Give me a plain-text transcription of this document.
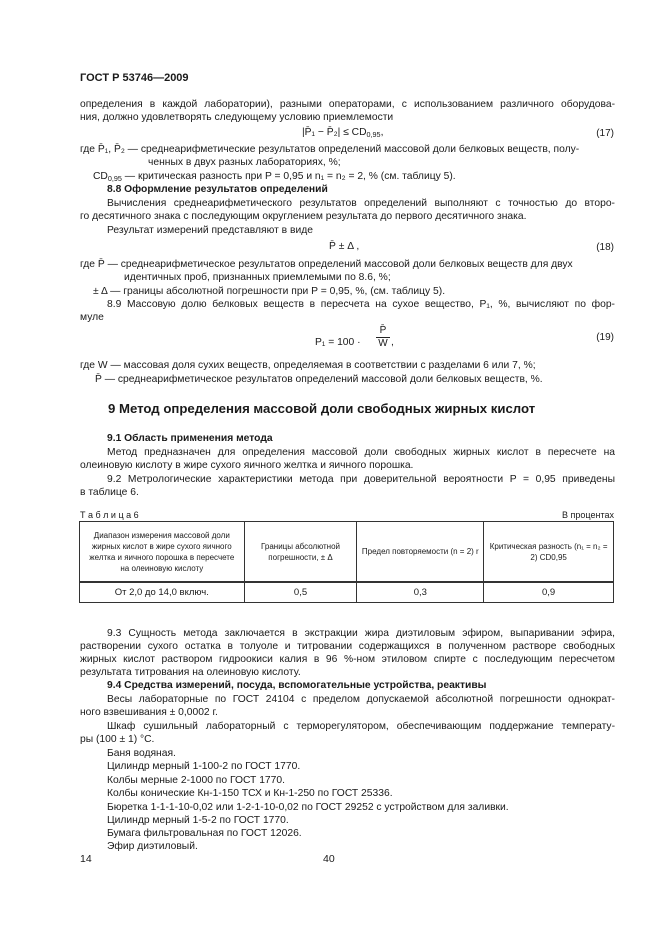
ГОСТ Р 53746—2009
определения в каждой лаборатории), разными операторами, с использованием различного оборудова-
ния, должно удовлетворять следующему условию приемлемости
|P̄₁ − P̄₂| ≤ $CD_{0,95}$,	(17)
где P̄₁, P̄₂ — среднеарифметические результатов определений массовой доли белковых веществ, полу-
ченных в двух разных лабораториях, %;
$CD_{0,95}$ — критическая разность при P = 0,95 и n₁ = n₂ = 2, % (см. таблицу 5).
8.8 Оформление результатов определений
Вычисления среднеарифметического результатов определений выполняют с точностью до второ-
го десятичного знака с последующим округлением результата до первого десятичного знака.
Результат измерений представляют в виде
P̄ ± Δ ,	(18)
где P̄ — среднеарифметическое результатов определений массовой доли белковых веществ для двух
идентичных проб, признанных приемлемыми по 8.6, %;
± Δ — границы абсолютной погрешности при P = 0,95, %, (см. таблицу 5).
8.9 Массовую долю белковых веществ в пересчета на сухое вещество, P₁, %, вычисляют по фор-
муле
P₁ = 100 ·
P̄
W ,	(19)
где W — массовая доля сухих веществ, определяемая в соответствии с разделами 6 или 7, %;
P̄ — среднеарифметическое результатов определений массовой доли белковых веществ, %.
9 Метод определения массовой доли свободных жирных кислот
9.1 Область применения метода
Метод предназначен для определения массовой доли свободных жирных кислот в пересчете на
олеиновую кислоту в жире сухого яичного желтка и яичного порошка.
9.2 Метрологические характеристики метода при доверительной вероятности P = 0,95 приведены
в таблице 6.
Т а б л и ц а 6	В процентах
Диапазон измерения массовой доли жирных кислот в жире сухого яичного желтка и яичного порошка в пересчете на олеиновую кислоту	Границы абсолютной погрешности, ± Δ	Предел повторяемости (n = 2) r	Критическая разность (n₁ = n₂ = 2) CD0,95
От 2,0 до 14,0 включ.	0,5	0,3	0,9
9.3 Сущность метода заключается в экстракции жира диэтиловым эфиром, выпаривании эфира,
растворении сухого остатка в толуоле и титровании содержащихся в полученном растворе свободных
жирных кислот раствором гидроокиси калия в 96 %-ном этиловом спирте с последующим пересчетом
результата титрования на олеиновую кислоту.
9.4 Средства измерений, посуда, вспомогательные устройства, реактивы
Весы лабораторные по ГОСТ 24104 с пределом допускаемой абсолютной погрешности однократ-
ного взвешивания ± 0,0002 г.
Шкаф сушильный лабораторный с терморегулятором, обеспечивающим поддержание температу-
ры (100 ± 1) °С.
Баня водяная.
Цилиндр мерный 1-100-2 по ГОСТ 1770.
Колбы мерные 2-1000 по ГОСТ 1770.
Колбы конические Кн-1-150 ТСХ и Кн-1-250 по ГОСТ 25336.
Бюретка 1-1-1-10-0,02 или 1-2-1-10-0,02 по ГОСТ 29252 с устройством для заливки.
Цилиндр мерный 1-5-2 по ГОСТ 1770.
Бумага фильтровальная по ГОСТ 12026.
Эфир диэтиловый.
14	40
